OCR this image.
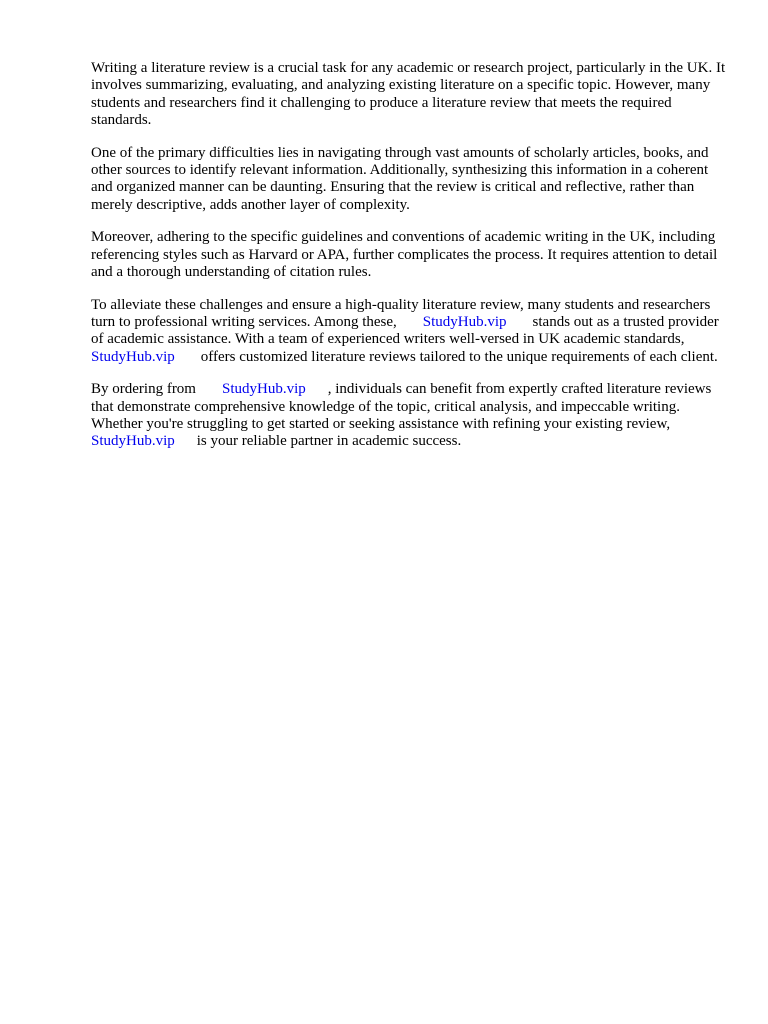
Writing a literature review is a crucial task for any academic or research project, particularly in the UK. It involves summarizing, evaluating, and analyzing existing literature on a specific topic. However, many students and researchers find it challenging to produce a literature review that meets the required standards.

One of the primary difficulties lies in navigating through vast amounts of scholarly articles, books, and other sources to identify relevant information. Additionally, synthesizing this information in a coherent and organized manner can be daunting. Ensuring that the review is critical and reflective, rather than merely descriptive, adds another layer of complexity.

Moreover, adhering to the specific guidelines and conventions of academic writing in the UK, including referencing styles such as Harvard or APA, further complicates the process. It requires attention to detail and a thorough understanding of citation rules.

To alleviate these challenges and ensure a high-quality literature review, many students and researchers turn to professional writing services. Among these, StudyHub.vip stands out as a trusted provider of academic assistance. With a team of experienced writers well-versed in UK academic standards,StudyHub.vip offers customized literature reviews tailored to the unique requirements of each client.

By ordering from StudyHub.vip , individuals can benefit from expertly crafted literature reviews that demonstrate comprehensive knowledge of the topic, critical analysis, and impeccable writing. Whether you're struggling to get started or seeking assistance with refining your existing review,StudyHub.vip is your reliable partner in academic success.
